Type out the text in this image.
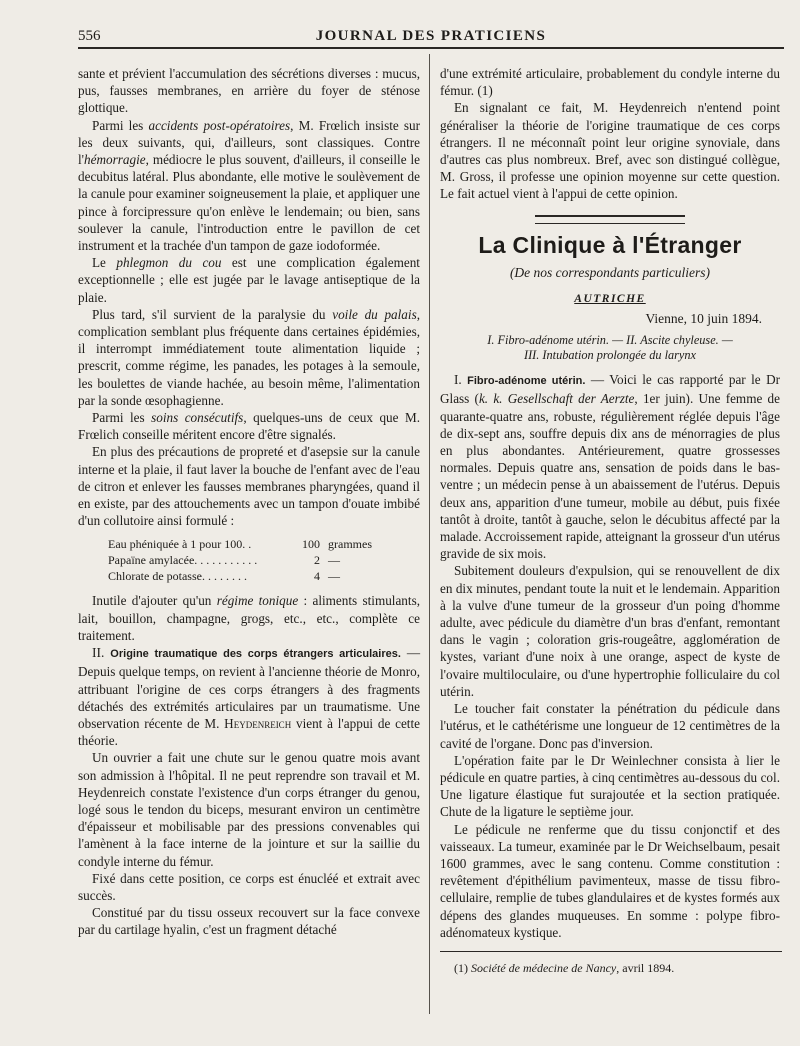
556	JOURNAL DES PRATICIENS

sante et prévient l'accumulation des sécrétions diverses : mucus, pus, fausses membranes, en arrière du foyer de sténose glottique.

Parmi les accidents post-opératoires, M. Frœlich insiste sur les deux suivants, qui, d'ailleurs, sont classiques. Contre l'hémorragie, médiocre le plus souvent, d'ailleurs, il conseille le decubitus latéral. Plus abondante, elle motive le soulèvement de la canule pour examiner soigneusement la plaie, et appliquer une pince à forcipressure qu'on enlève le lendemain; ou bien, sans soulever la canule, l'introduction entre le pavillon de cet instrument et la trachée d'un tampon de gaze iodoformée.

Le phlegmon du cou est une complication également exceptionnelle ; elle est jugée par le lavage antiseptique de la plaie.

Plus tard, s'il survient de la paralysie du voile du palais, complication semblant plus fréquente dans certaines épidémies, il interrompt immédiatement toute alimentation liquide ; prescrit, comme régime, les panades, les potages à la semoule, les boulettes de viande hachée, au besoin même, l'alimentation par la sonde œsophagienne.

Parmi les soins consécutifs, quelques-uns de ceux que M. Frœlich conseille méritent encore d'être signalés.

En plus des précautions de propreté et d'asepsie sur la canule interne et la plaie, il faut laver la bouche de l'enfant avec de l'eau de citron et enlever les fausses membranes pharyngées, quand il en existe, par des attouchements avec un tampon d'ouate imbibé d'un collutoire ainsi formulé :

Eau phéniquée à 1 pour 100. .	100 grammes
Papaïne amylacée. . . . . . . . . . .	2 —
Chlorate de potasse. . . . . . . .	4 —

Inutile d'ajouter qu'un régime tonique : aliments stimulants, lait, bouillon, champagne, grogs, etc., etc., complète ce traitement.

II. Origine traumatique des corps étrangers articulaires. — Depuis quelque temps, on revient à l'ancienne théorie de Monro, attribuant l'origine de ces corps étrangers à des fragments détachés des extrémités articulaires par un traumatisme. Une observation récente de M. Heydenreich vient à l'appui de cette théorie.

Un ouvrier a fait une chute sur le genou quatre mois avant son admission à l'hôpital. Il ne peut reprendre son travail et M. Heydenreich constate l'existence d'un corps étranger du genou, logé sous le tendon du biceps, mesurant environ un centimètre d'épaisseur et mobilisable par des pressions convenables qui l'amènent à la face interne de la jointure et sur la saillie du condyle interne du fémur.

Fixé dans cette position, ce corps est énucléé et extrait avec succès.

Constitué par du tissu osseux recouvert sur la face convexe par du cartilage hyalin, c'est un fragment détaché

d'une extrémité articulaire, probablement du condyle interne du fémur. (1)

En signalant ce fait, M. Heydenreich n'entend point généraliser la théorie de l'origine traumatique de ces corps étrangers. Il ne méconnaît point leur origine synoviale, dans d'autres cas plus nombreux. Bref, avec son distingué collègue, M. Gross, il professe une opinion moyenne sur cette question. Le fait actuel vient à l'appui de cette opinion.

La Clinique à l'Étranger
(De nos correspondants particuliers)
AUTRICHE
Vienne, 10 juin 1894.
I. Fibro-adénome utérin. — II. Ascite chyleuse. —
III. Intubation prolongée du larynx

I. Fibro-adénome utérin. — Voici le cas rapporté par le Dr Glass (k. k. Gesellschaft der Aerzte, 1er juin). Une femme de quarante-quatre ans, robuste, régulièrement réglée depuis l'âge de dix-sept ans, souffre depuis dix ans de ménorragies de plus en plus abondantes. Antérieurement, quatre grossesses normales. Depuis quatre ans, sensation de poids dans le bas-ventre ; un médecin pense à un abaissement de l'utérus. Depuis deux ans, apparition d'une tumeur, mobile au début, puis fixée tantôt à droite, tantôt à gauche, selon le décubitus affecté par la malade. Accroissement rapide, atteignant la grosseur d'un utérus gravide de six mois.

Subitement douleurs d'expulsion, qui se renouvellent de dix en dix minutes, pendant toute la nuit et le lendemain. Apparition à la vulve d'une tumeur de la grosseur d'un poing d'homme adulte, avec pédicule du diamètre d'un bras d'enfant, remontant dans le vagin ; coloration gris-rougeâtre, agglomération de kystes, variant d'une noix à une orange, aspect de kyste de l'ovaire multiloculaire, ou d'une hypertrophie folliculaire du col utérin.

Le toucher fait constater la pénétration du pédicule dans l'utérus, et le cathétérisme une longueur de 12 centimètres de la cavité de l'organe. Donc pas d'inversion.

L'opération faite par le Dr Weinlechner consista à lier le pédicule en quatre parties, à cinq centimètres au-dessous du col. Une ligature élastique fut surajoutée et la section pratiquée. Chute de la ligature le septième jour.

Le pédicule ne renferme que du tissu conjonctif et des vaisseaux. La tumeur, examinée par le Dr Weichselbaum, pesait 1600 grammes, avec le sang contenu. Comme constitution : revêtement d'épithélium pavimenteux, masse de tissu fibro-cellulaire, remplie de tubes glandulaires et de kystes formés aux dépens des glandes muqueuses. En somme : polype fibro-adénomateux kystique.

(1) Société de médecine de Nancy, avril 1894.
